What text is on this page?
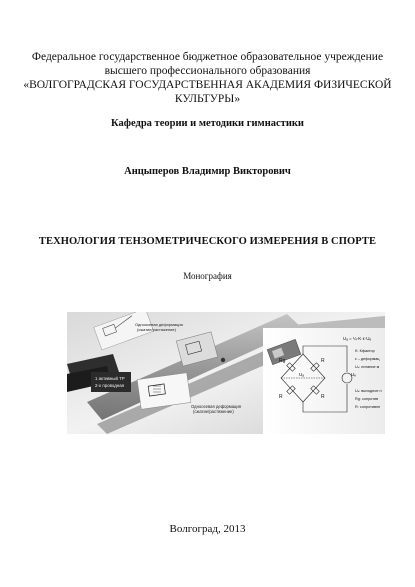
Федеральное государственное бюджетное образовательное учреждение
высшего профессионального образования
«ВОЛГОГРАДСКАЯ ГОСУДАРСТВЕННАЯ АКАДЕМИЯ ФИЗИЧЕСКОЙ
КУЛЬТУРЫ»
Кафедра теории и методики гимнастики
Анцыперов Владимир Викторович
ТЕХНОЛОГИЯ ТЕНЗОМЕТРИЧЕСКОГО ИЗМЕРЕНИЯ В СПОРТЕ
Монография
Одноосевая деформация
(сжатие/растяжение)
1 активный ТР
2-х проводная
Одноосевая деформация
(сжатие/растяжение)
Rg	R
R	R
Uₑ
Uₐ
Uₐ = ¼·K·ε·Uₑ
K: Кфактор
ε – деформац
Uₑ: питание м
Uₐ: выходное н
Rg: сопротив
R: сопротивле
Волгоград, 2013
